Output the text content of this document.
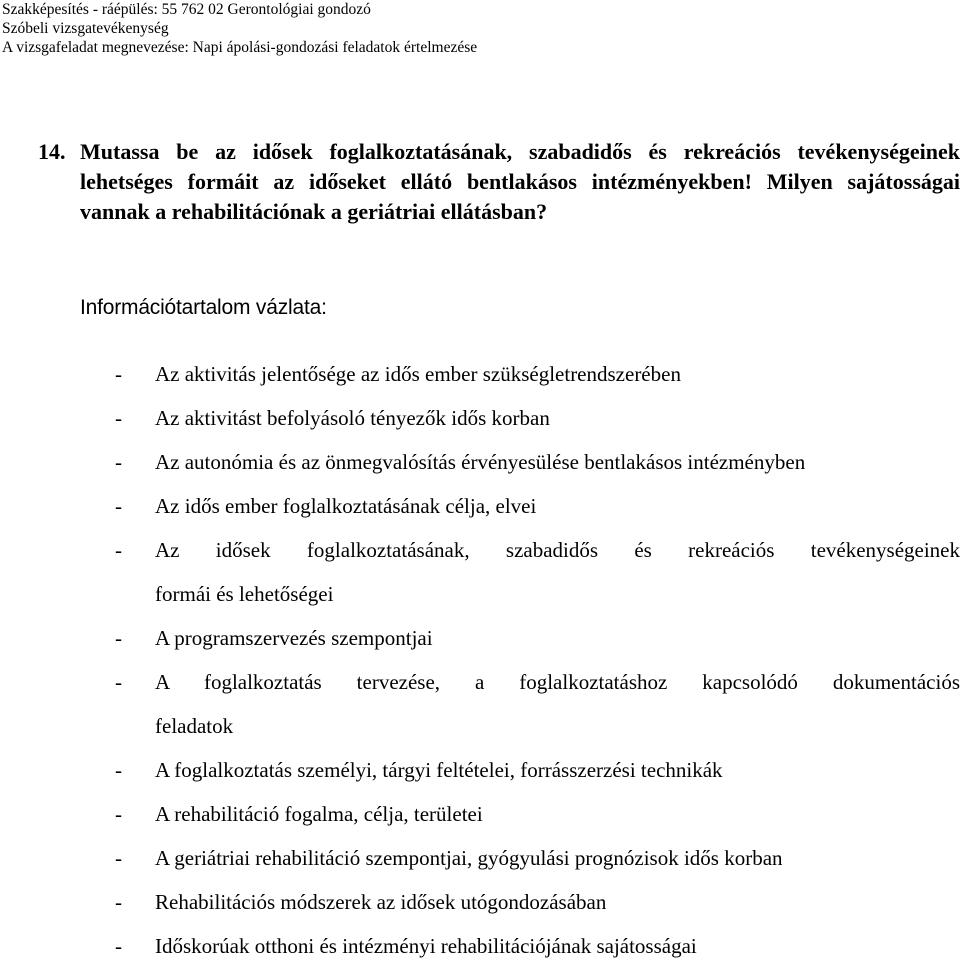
Szakképesítés - ráépülés: 55 762 02 Gerontológiai gondozó
Szóbeli vizsgatevékenység
A vizsgafeladat megnevezése: Napi ápolási-gondozási feladatok értelmezése
14. Mutassa be az idősek foglalkoztatásának, szabadidős és rekreációs tevékenységeinek lehetséges formáit az időseket ellátó bentlakásos intézményekben! Milyen sajátosságai vannak a rehabilitációnak a geriátriai ellátásban?
Információtartalom vázlata:
- Az aktivitás jelentősége az idős ember szükségletrendszerében
- Az aktivitást befolyásoló tényezők idős korban
- Az autonómia és az önmegvalósítás érvényesülése bentlakásos intézményben
- Az idős ember foglalkoztatásának célja, elvei
- Az idősek foglalkoztatásának, szabadidős és rekreációs tevékenységeinek
formái és lehetőségei
- A programszervezés szempontjai
- A foglalkoztatás tervezése, a foglalkoztatáshoz kapcsolódó dokumentációs
feladatok
- A foglalkoztatás személyi, tárgyi feltételei, forrásszerzési technikák
- A rehabilitáció fogalma, célja, területei
- A geriátriai rehabilitáció szempontjai, gyógyulási prognózisok idős korban
- Rehabilitációs módszerek az idősek utógondozásában
- Időskorúak otthoni és intézményi rehabilitációjának sajátosságai
